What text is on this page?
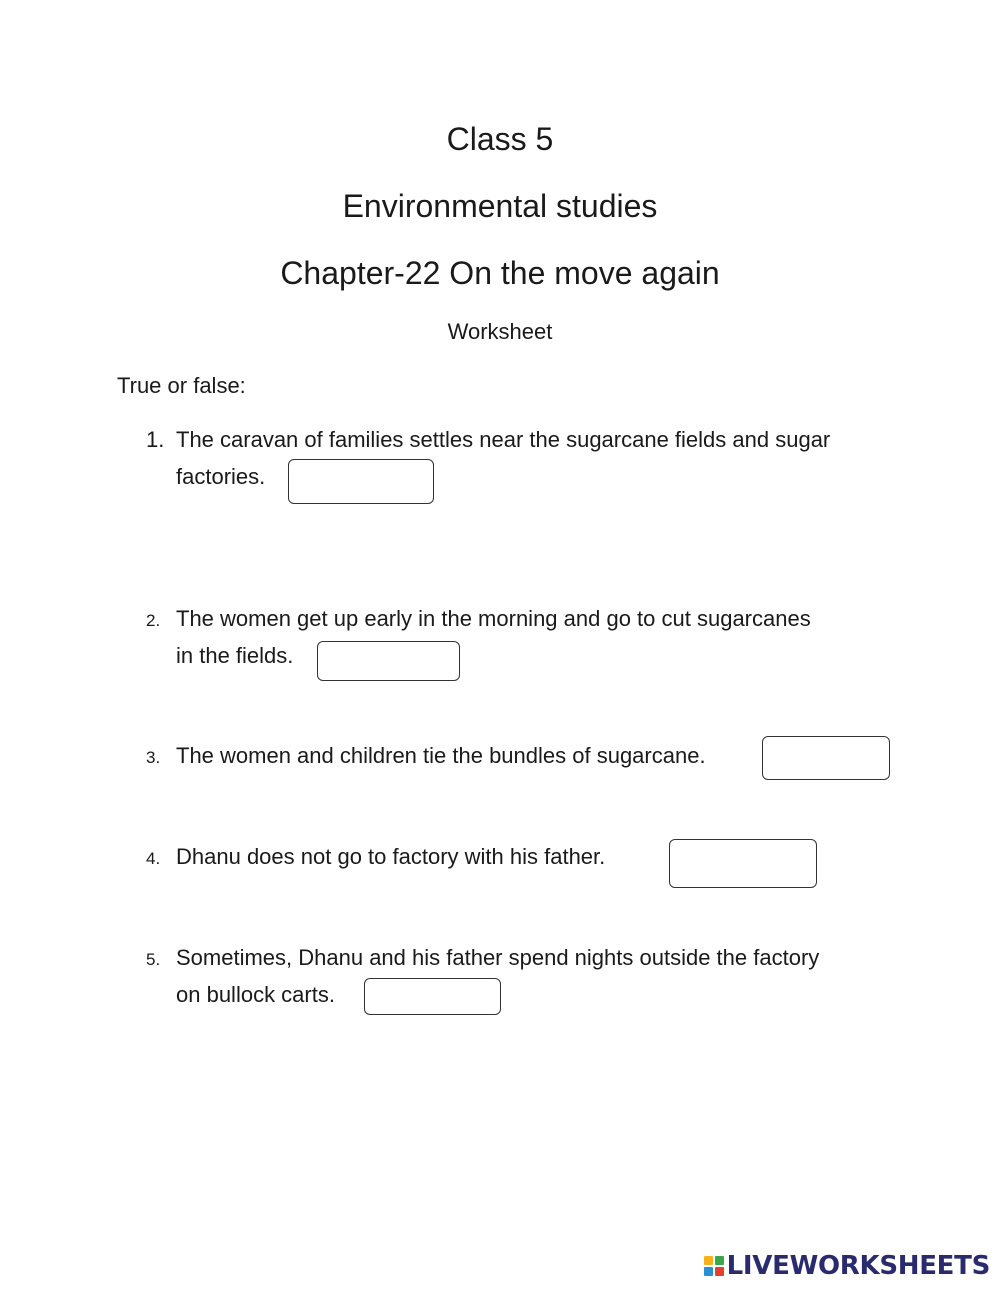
Class 5
Environmental studies
Chapter-22 On the move again
Worksheet
True or false:
1. The caravan of families settles near the sugarcane fields and sugar
factories.
2. The women get up early in the morning and go to cut sugarcanes
in the fields.
3. The women and children tie the bundles of sugarcane.
4. Dhanu does not go to factory with his father.
5. Sometimes, Dhanu and his father spend nights outside the factory
on bullock carts.
LIVEWORKSHEETS
